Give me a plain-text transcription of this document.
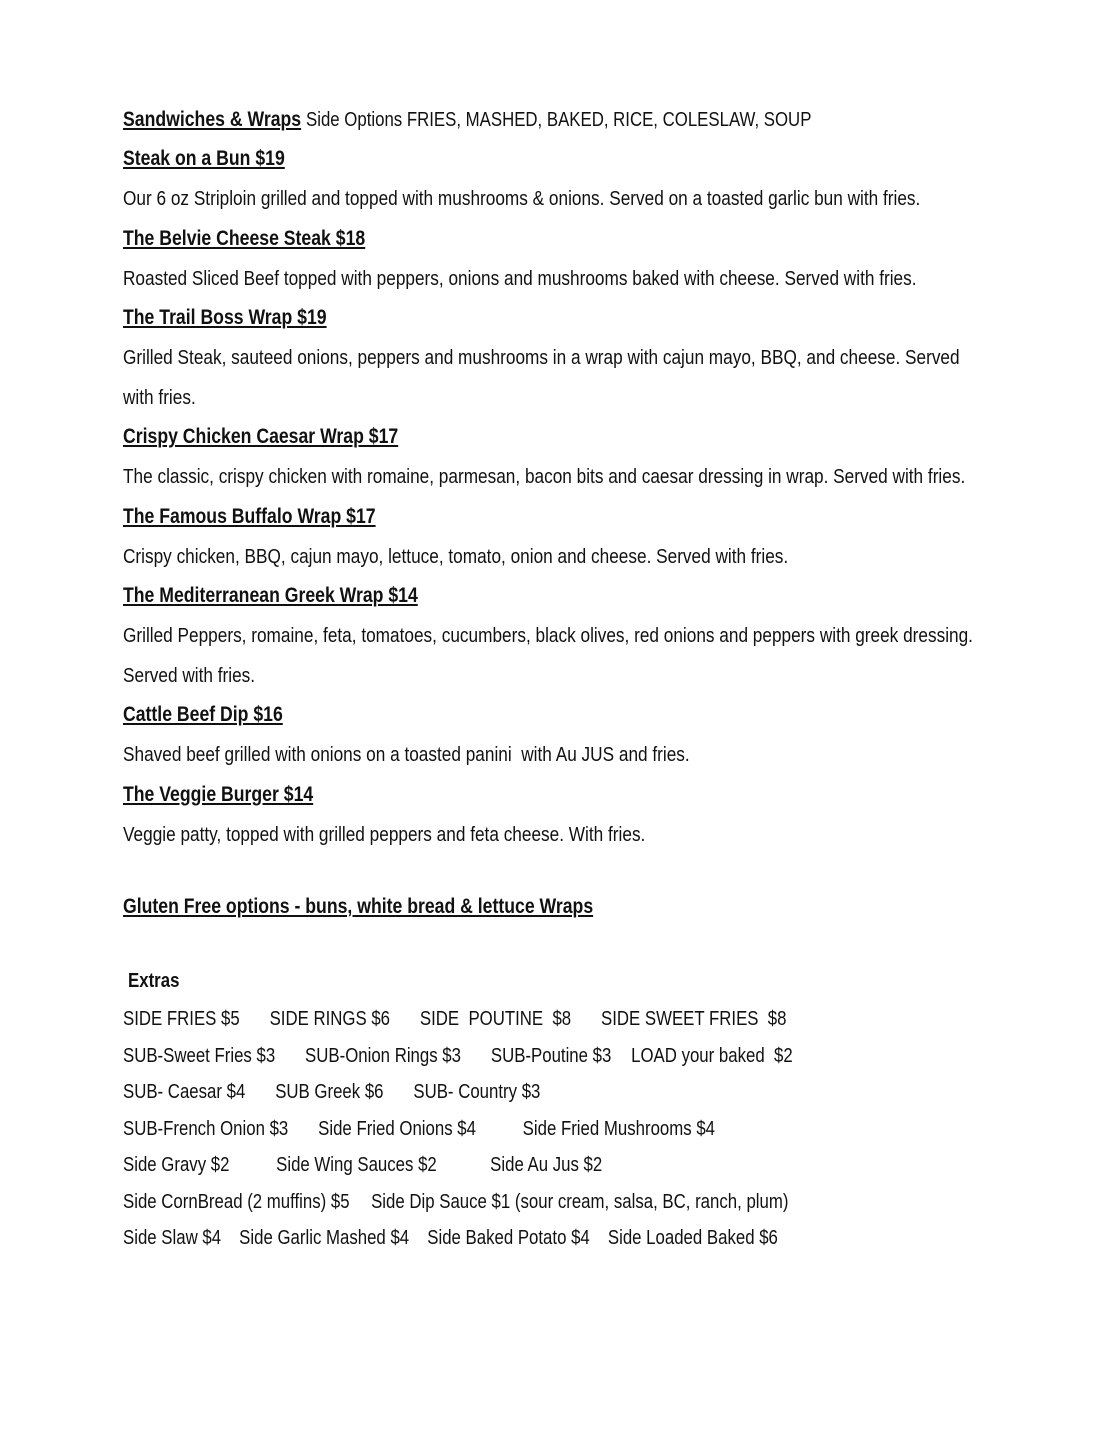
Sandwiches & Wraps Side Options FRIES, MASHED, BAKED, RICE, COLESLAW, SOUP
Steak on a Bun $19
Our 6 oz Striploin grilled and topped with mushrooms & onions. Served on a toasted garlic bun with fries.
The Belvie Cheese Steak $18
Roasted Sliced Beef topped with peppers, onions and mushrooms baked with cheese. Served with fries.
The Trail Boss Wrap $19
Grilled Steak, sauteed onions, peppers and mushrooms in a wrap with cajun mayo, BBQ, and cheese. Served with fries.
Crispy Chicken Caesar Wrap $17
The classic, crispy chicken with romaine, parmesan, bacon bits and caesar dressing in wrap. Served with fries.
The Famous Buffalo Wrap $17
Crispy chicken, BBQ, cajun mayo, lettuce, tomato, onion and cheese. Served with fries.
The Mediterranean Greek Wrap $14
Grilled Peppers, romaine, feta, tomatoes, cucumbers, black olives, red onions and peppers with greek dressing. Served with fries.
Cattle Beef Dip $16
Shaved beef grilled with onions on a toasted panini  with Au JUS and fries.
The Veggie Burger $14
Veggie patty, topped with grilled peppers and feta cheese. With fries.
Gluten Free options - buns, white bread & lettuce Wraps
Extras
SIDE FRIES $5 SIDE RINGS $6 SIDE  POUTINE  $8 SIDE SWEET FRIES  $8
SUB-Sweet Fries $3 SUB-Onion Rings $3 SUB-Poutine $3 LOAD your baked  $2
SUB- Caesar $4 SUB Greek $6 SUB- Country $3
SUB-French Onion $3 Side Fried Onions $4 Side Fried Mushrooms $4
Side Gravy $2 Side Wing Sauces $2	Side Au Jus $2
Side CornBread (2 muffins) $5 Side Dip Sauce $1 (sour cream, salsa, BC, ranch, plum)
Side Slaw $4 Side Garlic Mashed $4 Side Baked Potato $4 Side Loaded Baked $6
